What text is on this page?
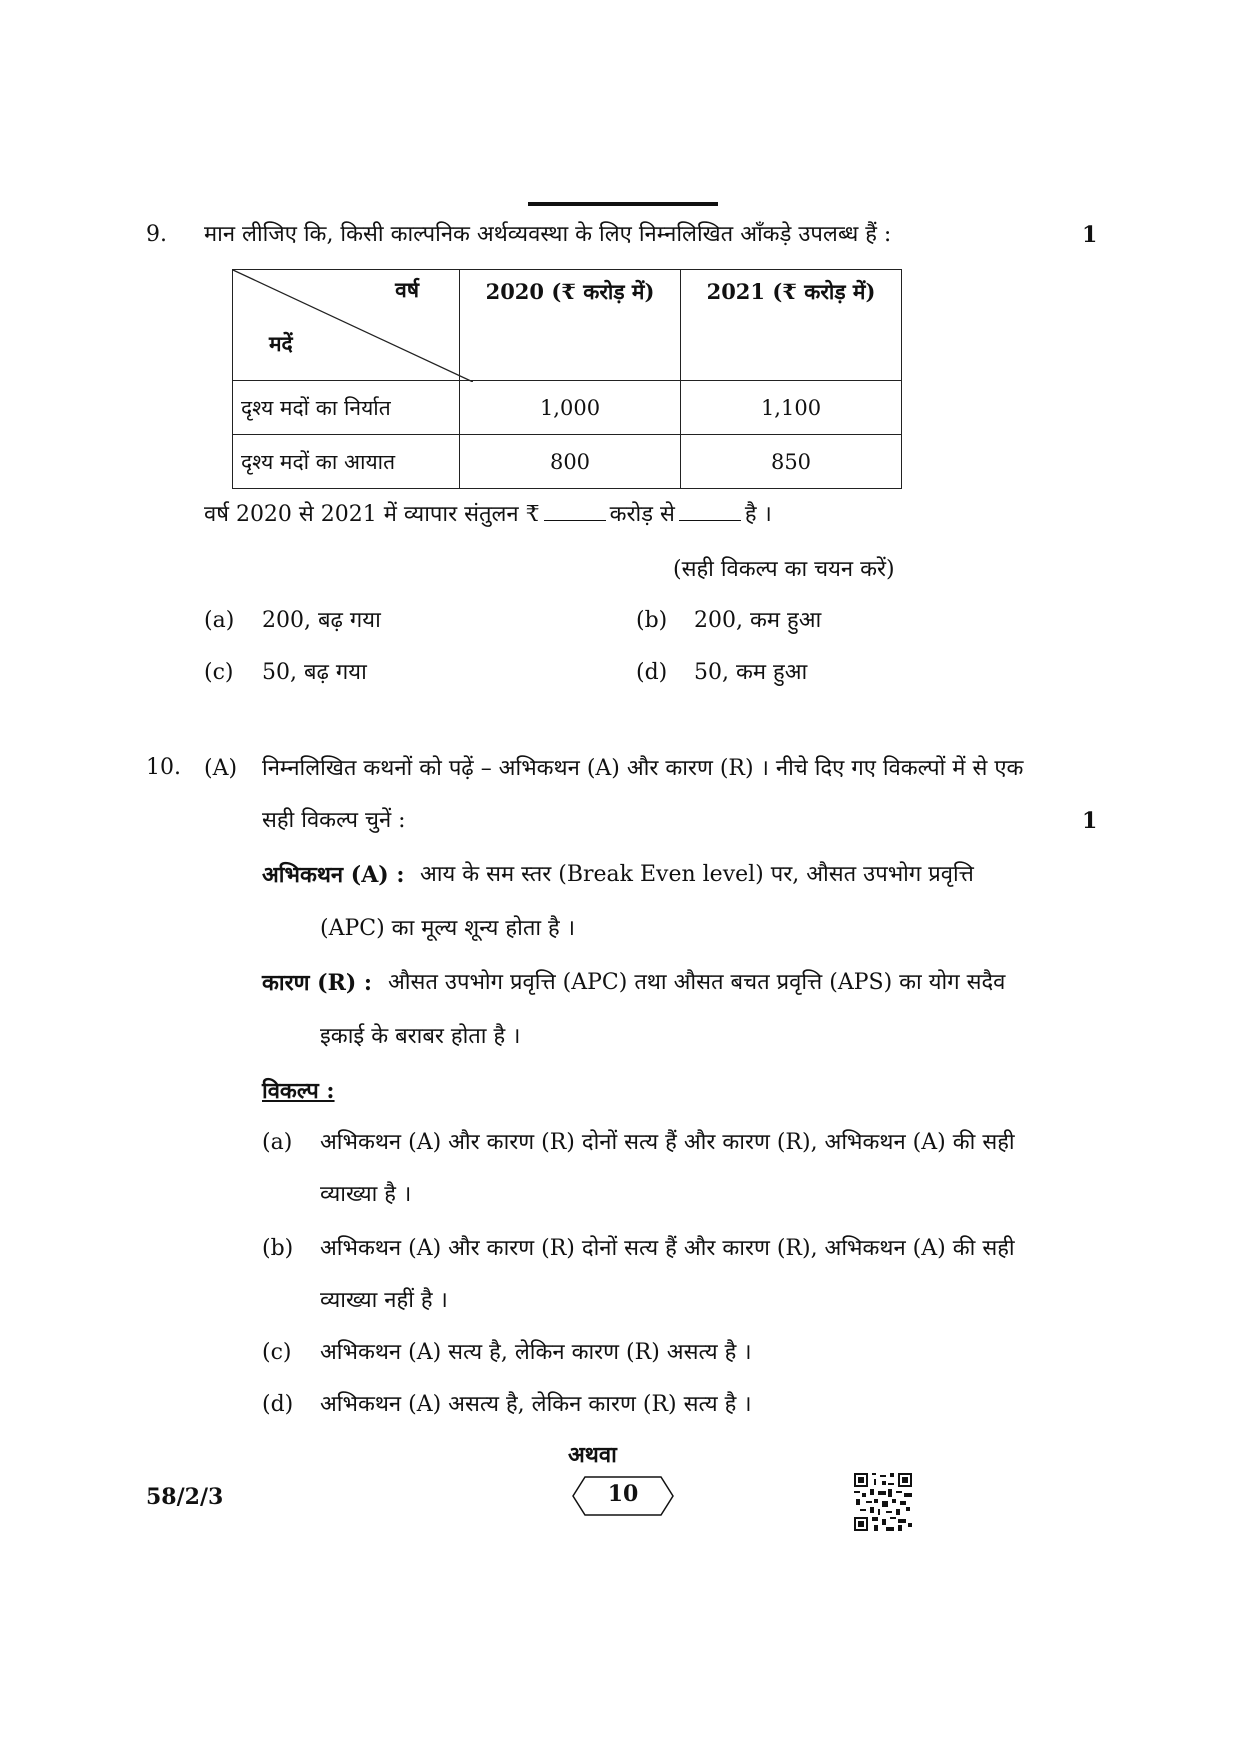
9. मान लीजिए कि, किसी काल्पनिक अर्थव्यवस्था के लिए निम्नलिखित आँकड़े उपलब्ध हैं :	1
वर्ष
मदें	2020 (₹ करोड़ में)	2021 (₹ करोड़ में)
दृश्य मदों का निर्यात	1,000	1,100
दृश्य मदों का आयात	800	850
वर्ष 2020 से 2021 में व्यापार संतुलन ₹	करोड़ से	है ।
(सही विकल्प का चयन करें)
(a) 200, बढ़ गया	(b) 200, कम हुआ
(c) 50, बढ़ गया	(d) 50, कम हुआ
10. (A) निम्नलिखित कथनों को पढ़ें – अभिकथन (A) और कारण (R) । नीचे दिए गए विकल्पों में से एक
सही विकल्प चुनें :	1
अभिकथन (A) : आय के सम स्तर (Break Even level) पर, औसत उपभोग प्रवृत्ति
(APC) का मूल्य शून्य होता है ।
कारण (R) : औसत उपभोग प्रवृत्ति (APC) तथा औसत बचत प्रवृत्ति (APS) का योग सदैव
इकाई के बराबर होता है ।
विकल्प :
(a) अभिकथन (A) और कारण (R) दोनों सत्य हैं और कारण (R), अभिकथन (A) की सही
व्याख्या है ।
(b) अभिकथन (A) और कारण (R) दोनों सत्य हैं और कारण (R), अभिकथन (A) की सही
व्याख्या नहीं है ।
(c) अभिकथन (A) सत्य है, लेकिन कारण (R) असत्य है ।
(d) अभिकथन (A) असत्य है, लेकिन कारण (R) सत्य है ।
अथवा
58/2/3	10
